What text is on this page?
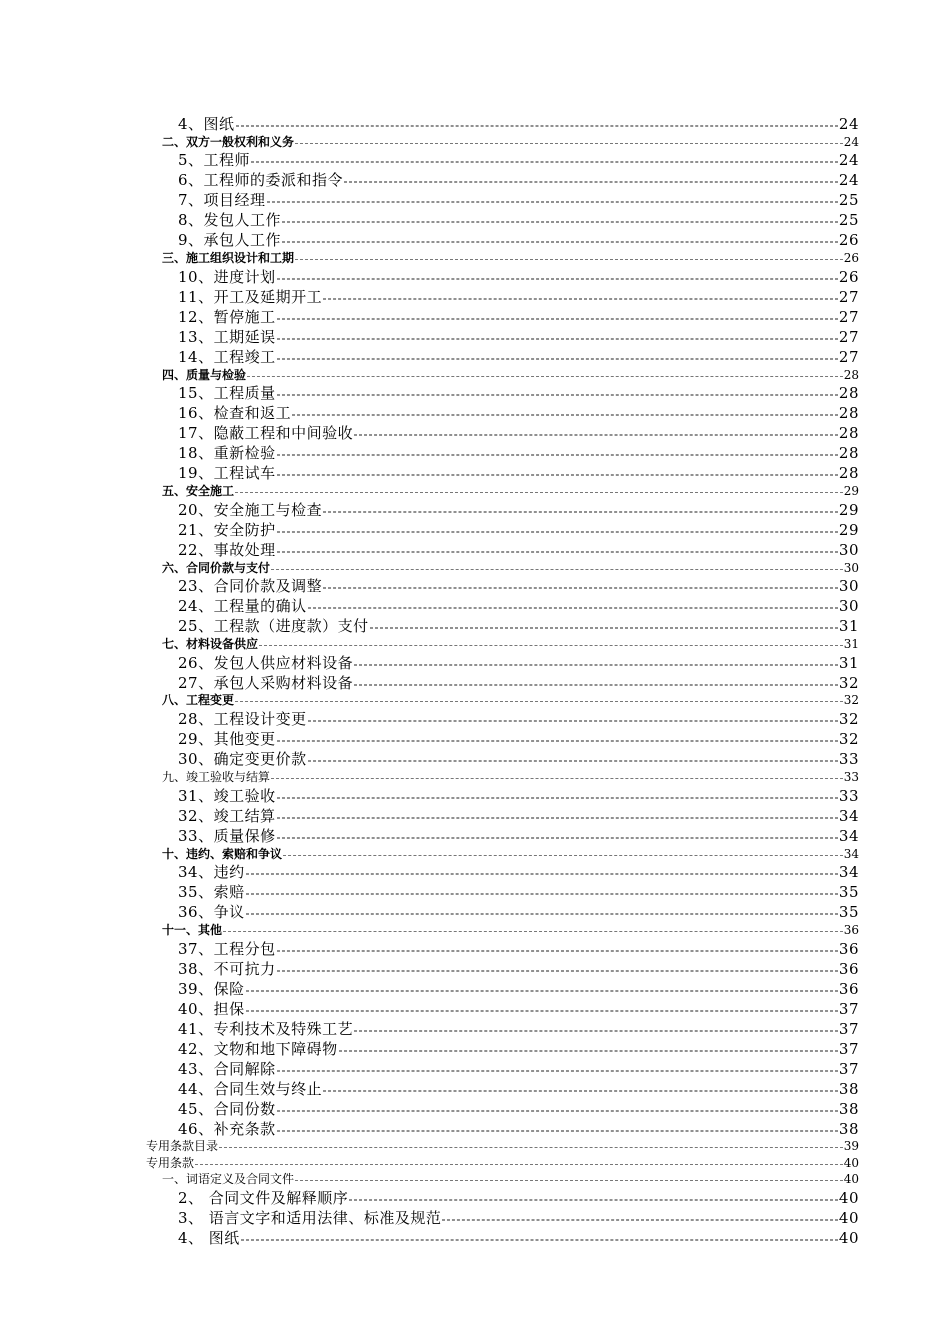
4、图纸	24
二、双方一般权利和义务	24
5、工程师	24
6、工程师的委派和指令	24
7、项目经理	25
8、发包人工作	25
9、承包人工作	26
三、施工组织设计和工期	26
10、进度计划	26
11、开工及延期开工	27
12、暂停施工	27
13、工期延误	27
14、工程竣工	27
四、质量与检验	28
15、工程质量	28
16、检查和返工	28
17、隐蔽工程和中间验收	28
18、重新检验	28
19、工程试车	28
五、安全施工	29
20、安全施工与检查	29
21、安全防护	29
22、事故处理	30
六、合同价款与支付	30
23、合同价款及调整	30
24、工程量的确认	30
25、工程款（进度款）支付	31
七、材料设备供应	31
26、发包人供应材料设备	31
27、承包人采购材料设备	32
八、工程变更	32
28、工程设计变更	32
29、其他变更	32
30、确定变更价款	33
九、竣工验收与结算	33
31、竣工验收	33
32、竣工结算	34
33、质量保修	34
十、违约、索赔和争议	34
34、违约	34
35、索赔	35
36、争议	35
十一、其他	36
37、工程分包	36
38、不可抗力	36
39、保险	36
40、担保	37
41、专利技术及特殊工艺	37
42、文物和地下障碍物	37
43、合同解除	37
44、合同生效与终止	38
45、合同份数	38
46、补充条款	38
专用条款目录	39
专用条款	40
一、词语定义及合同文件	40
2、 合同文件及解释顺序	40
3、 语言文字和适用法律、标准及规范	40
4、 图纸	40
